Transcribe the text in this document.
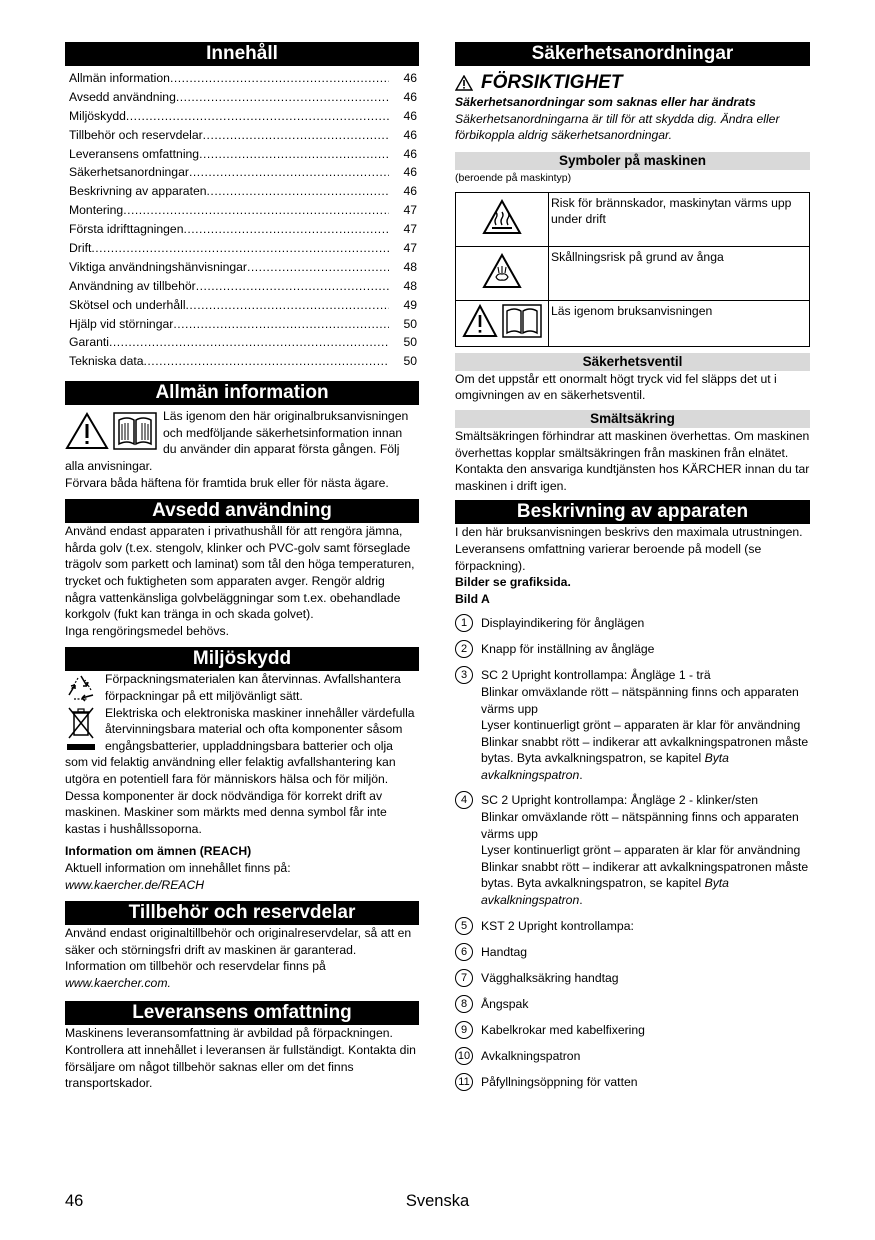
Innehåll
Allmän information .....	46
Avsedd användning .....	46
Miljöskydd .....	46
Tillbehör och reservdelar .....	46
Leveransens omfattning .....	46
Säkerhetsanordningar .....	46
Beskrivning av apparaten .....	46
Montering .....	47
Första idrifttagningen .....	47
Drift .....	47
Viktiga användningshänvisningar .....	48
Användning av tillbehör .....	48
Skötsel och underhåll .....	49
Hjälp vid störningar .....	50
Garanti .....	50
Tekniska data .....	50
Allmän information

Läs igenom den här originalbruksanvisningen och medföljande säkerhetsinformation innan du använder din apparat första gången. Följ alla anvisningar.

Förvara båda häftena för framtida bruk eller för nästa ägare.

Avsedd användning

Använd endast apparaten i privathushåll för att rengöra jämna, hårda golv (t.ex. stengolv, klinker och PVC-golv samt förseglade trägolv som parkett och laminat) som tål den höga temperaturen, trycket och fuktigheten som apparaten avger. Rengör aldrig några vattenkänsliga golvbeläggningar som t.ex. obehandlade korkgolv (fukt kan tränga in och skada golvet).

Inga rengöringsmedel behövs.

Miljöskydd

Förpackningsmaterialen kan återvinnas. Avfallshantera förpackningar på ett miljövänligt sätt.

Elektriska och elektroniska maskiner innehåller värdefulla återvinningsbara material och ofta komponenter såsom engångsbatterier, uppladdningsbara batterier och olja som vid felaktig användning eller felaktig avfallshantering kan utgöra en potentiell fara för människors hälsa och för miljön. Dessa komponenter är dock nödvändiga för korrekt drift av maskinen. Maskiner som märkts med denna symbol får inte kastas i hushållssoporna.

Information om ämnen (REACH)

Aktuell information om innehållet finns på: www.kaercher.de/REACH

Tillbehör och reservdelar

Använd endast originaltillbehör och originalreservdelar, så att en säker och störningsfri drift av maskinen är garanterad.

Information om tillbehör och reservdelar finns på www.kaercher.com.

Leveransens omfattning

Maskinens leveransomfattning är avbildad på förpackningen. Kontrollera att innehållet i leveransen är fullständigt. Kontakta din försäljare om något tillbehör saknas eller om det finns transportskador.

Säkerhetsanordningar
FÖRSIKTIGHET

Säkerhetsanordningar som saknas eller har ändrats

Säkerhetsanordningarna är till för att skydda dig. Ändra eller förbikoppla aldrig säkerhetsanordningar.

Symboler på maskinen

(beroende på maskintyp)

	Risk för brännskador, maskinytan värms upp under drift

	Skållningsrisk på grund av ånga

	Läs igenom bruksanvisningen
Säkerhetsventil

Om det uppstår ett onormalt högt tryck vid fel släpps det ut i omgivningen av en säkerhetsventil.

Smältsäkring

Smältsäkringen förhindrar att maskinen överhettas. Om maskinen överhettas kopplar smältsäkringen från maskinen från elnätet.

Kontakta den ansvariga kundtjänsten hos KÄRCHER innan du tar maskinen i drift igen.

Beskrivning av apparaten

I den här bruksanvisningen beskrivs den maximala utrustningen. Leveransens omfattning varierar beroende på modell (se förpackning).

Bilder se grafiksida.

Bild A

1	Displayindikering för ånglägen
2	Knapp för inställning av ångläge
3	SC 2 Upright kontrollampa: Ångläge 1 - trä
Blinkar omväxlande rött – nätspänning finns och apparaten värms upp
Lyser kontinuerligt grönt – apparaten är klar för användning
Blinkar snabbt rött – indikerar att avkalkningspatronen måste bytas. Byta avkalkningspatron, se kapitel Byta avkalkningspatron.
4	SC 2 Upright kontrollampa: Ångläge 2 - klinker/sten
Blinkar omväxlande rött – nätspänning finns och apparaten värms upp
Lyser kontinuerligt grönt – apparaten är klar för användning
Blinkar snabbt rött – indikerar att avkalkningspatronen måste bytas. Byta avkalkningspatron, se kapitel Byta avkalkningspatron.
5	KST 2 Upright kontrollampa:
6	Handtag
7	Vägghalksäkring handtag
8	Ångspak
9	Kabelkrokar med kabelfixering
10 Avkalkningspatron
11 Påfyllningsöppning för vatten
Svenska
46
